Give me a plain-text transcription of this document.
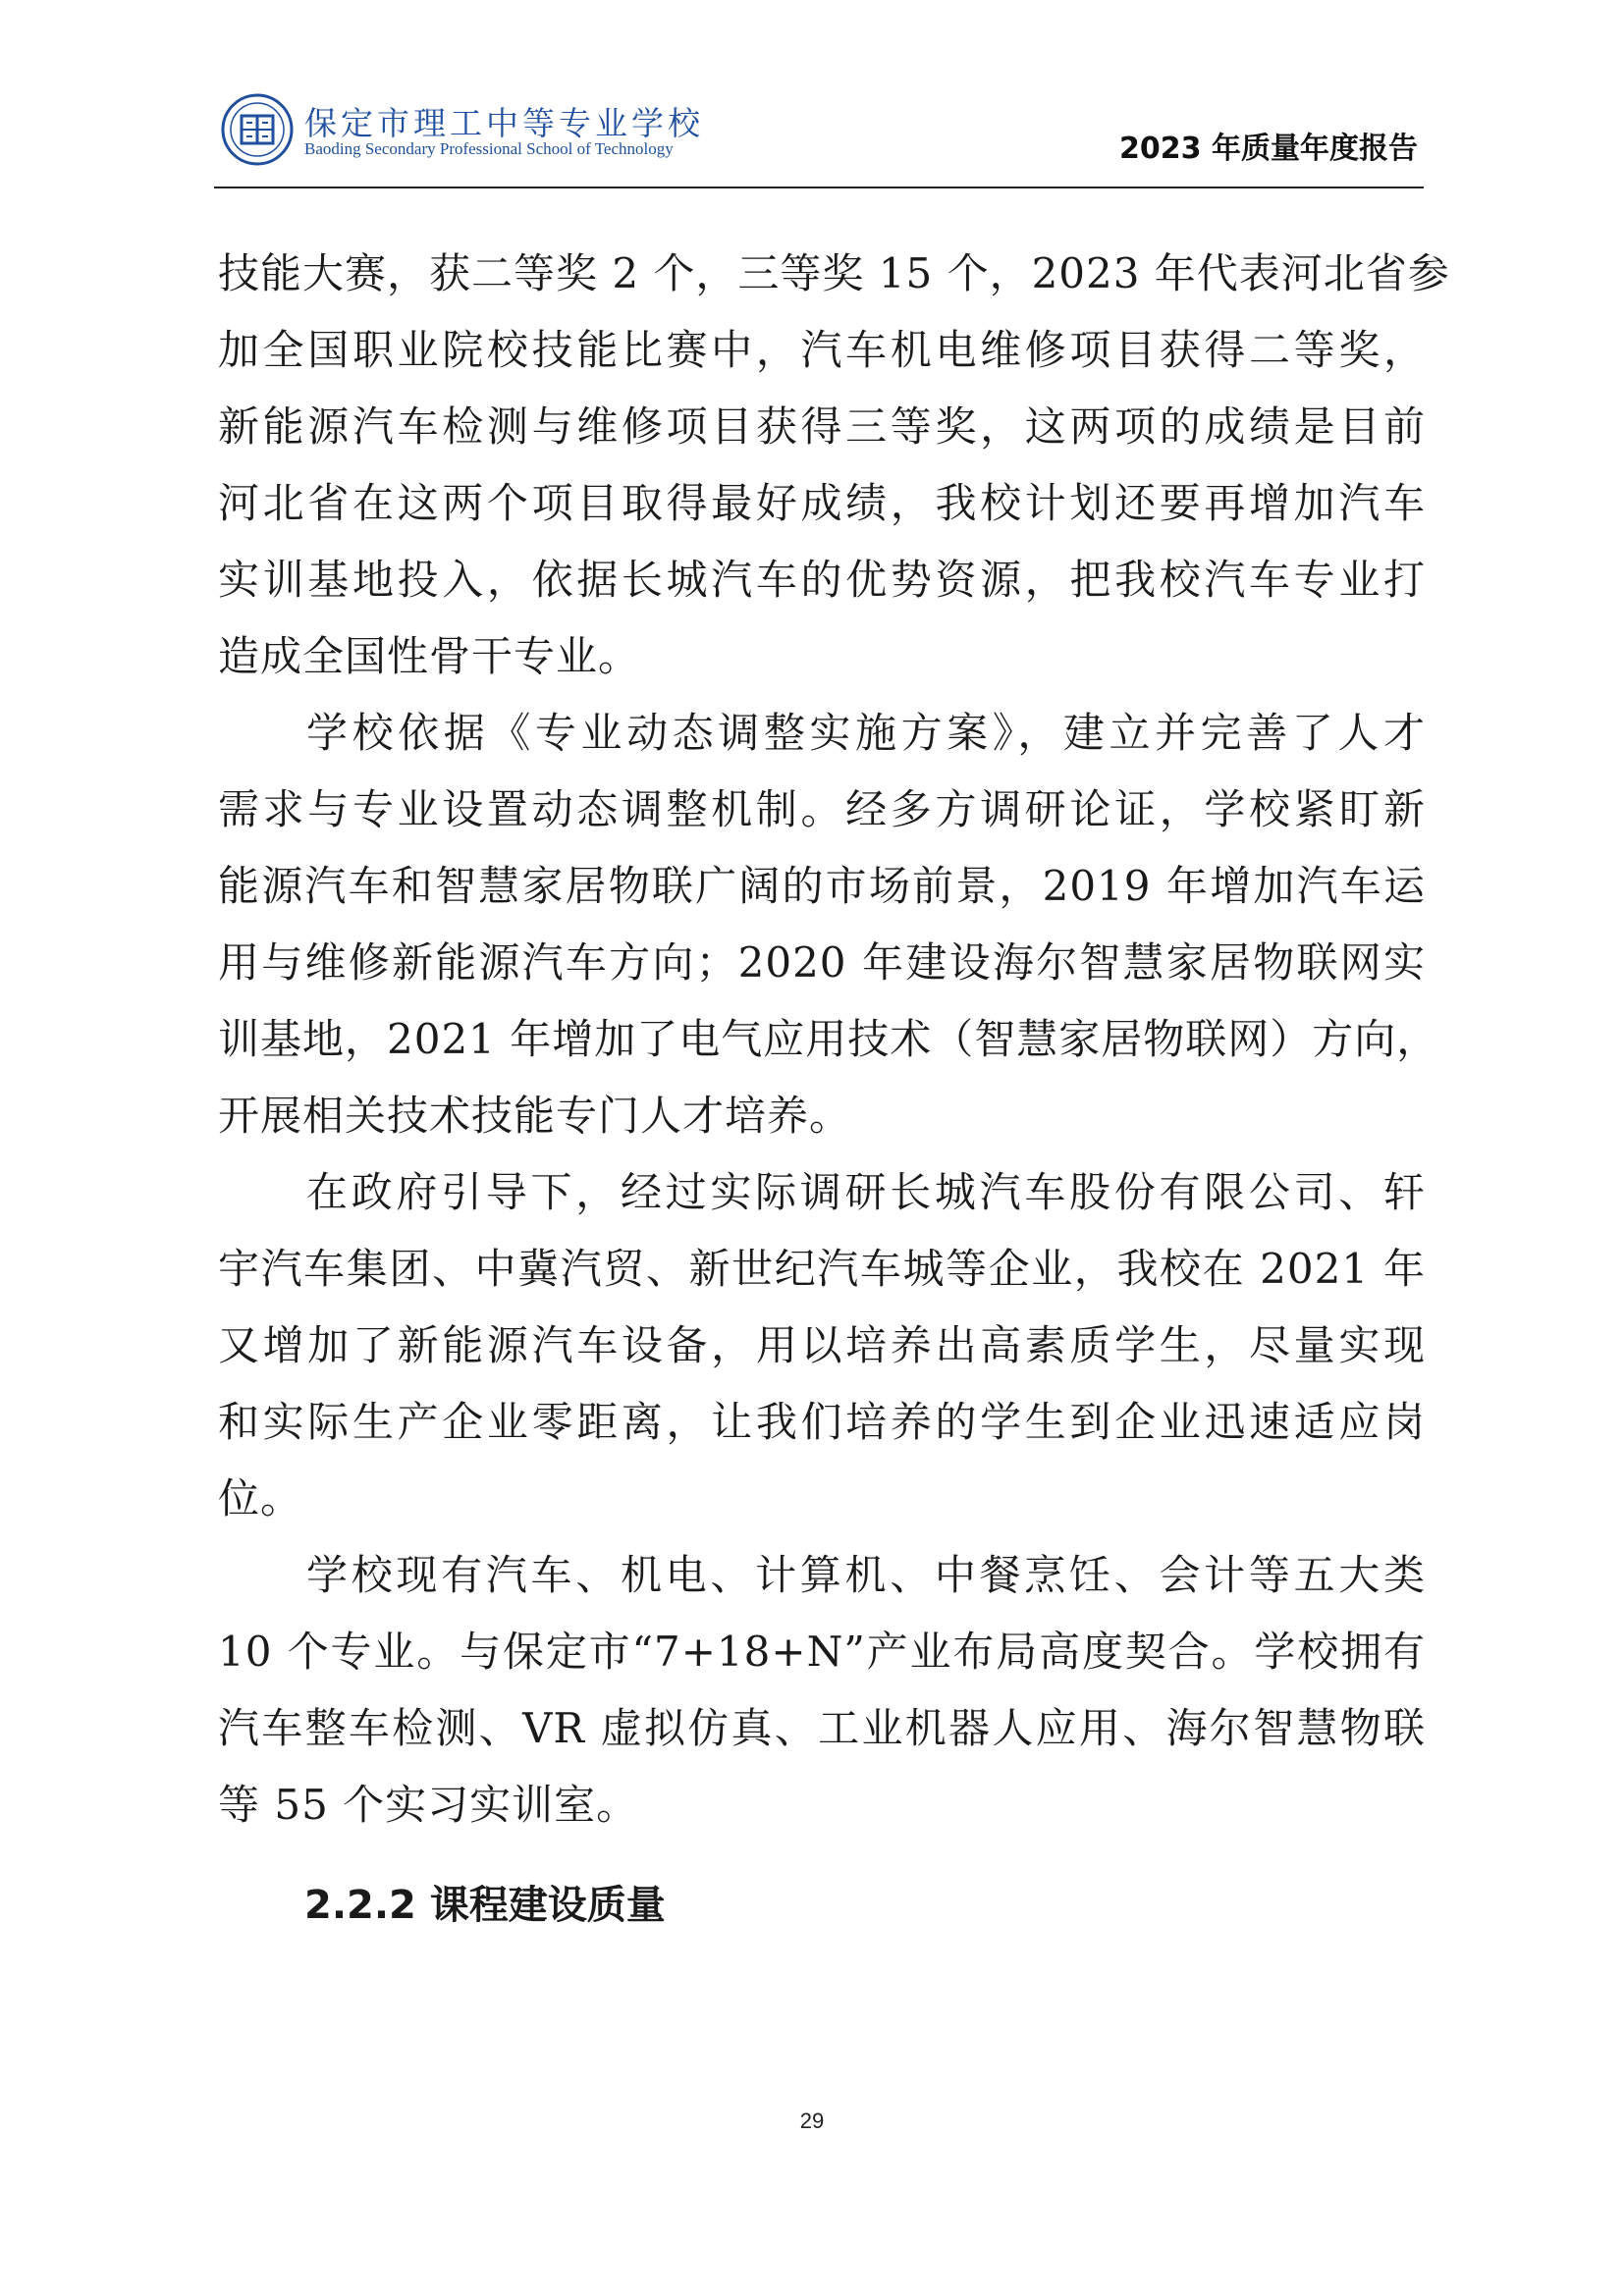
保定市理工中等专业学校
Baoding Secondary Professional School of Technology	2023 年质量年度报告
技能大赛，获二等奖 2 个，三等奖 15 个，2023 年代表河北省参
加全国职业院校技能比赛中，汽车机电维修项目获得二等奖，
新能源汽车检测与维修项目获得三等奖，这两项的成绩是目前
河北省在这两个项目取得最好成绩，我校计划还要再增加汽车
实训基地投入，依据长城汽车的优势资源，把我校汽车专业打
造成全国性骨干专业。
学校依据《专业动态调整实施方案》，建立并完善了人才
需求与专业设置动态调整机制。经多方调研论证，学校紧盯新
能源汽车和智慧家居物联广阔的市场前景，2019 年增加汽车运
用与维修新能源汽车方向；2020 年建设海尔智慧家居物联网实
训基地，2021 年增加了电气应用技术（智慧家居物联网）方向，
开展相关技术技能专门人才培养。
在政府引导下，经过实际调研长城汽车股份有限公司、轩
宇汽车集团、中冀汽贸、新世纪汽车城等企业，我校在 2021 年
又增加了新能源汽车设备，用以培养出高素质学生，尽量实现
和实际生产企业零距离，让我们培养的学生到企业迅速适应岗
位。
学校现有汽车、机电、计算机、中餐烹饪、会计等五大类
10 个专业。与保定市“7+18+N”产业布局高度契合。学校拥有
汽车整车检测、VR 虚拟仿真、工业机器人应用、海尔智慧物联
等 55 个实习实训室。
2.2.2 课程建设质量
29
